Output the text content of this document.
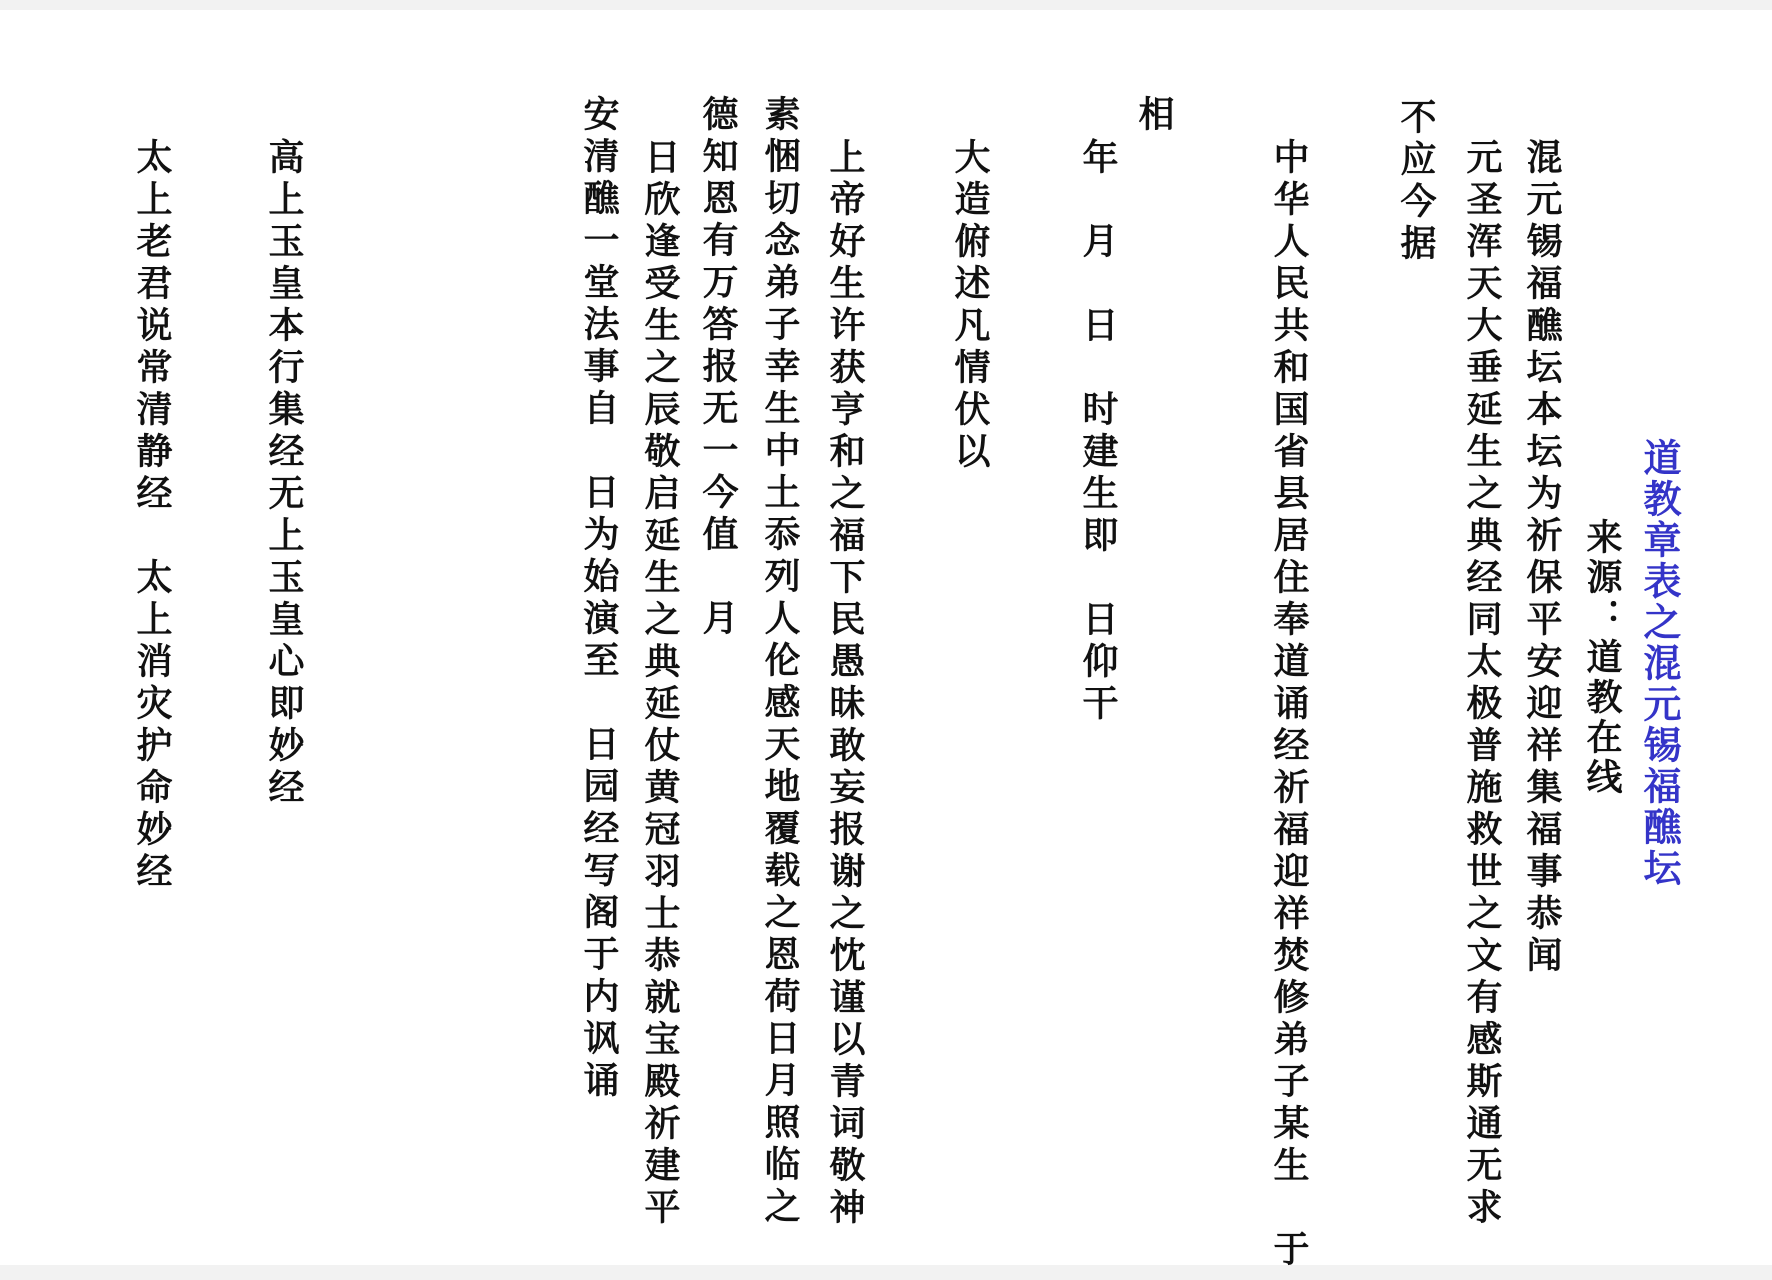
道教章表之混元锡福醮坛
来源：道教在线
混元锡福醮坛本坛为祈保平安迎祥集福事恭闻
元圣浑天大垂延生之典经同太极普施救世之文有感斯通无求
不应今据
中华人民共和国省县居住奉道诵经祈福迎祥焚修弟子某生　于
相
年　月　日　时建生即　日仰干
大造俯述凡情伏以
上帝好生许获亨和之福下民愚昧敢妄报谢之忱谨以青词敬神
素悃切念弟子幸生中土忝列人伦感天地覆载之恩荷日月照临之
德知恩有万答报无一今值　月
日欣逢受生之辰敬启延生之典延仗黄冠羽士恭就宝殿祈建平
安清醮一堂法事自　日为始演至　日园经写阁于内讽诵
高上玉皇本行集经无上玉皇心即妙经
太上老君说常清静经　太上消灾护命妙经
